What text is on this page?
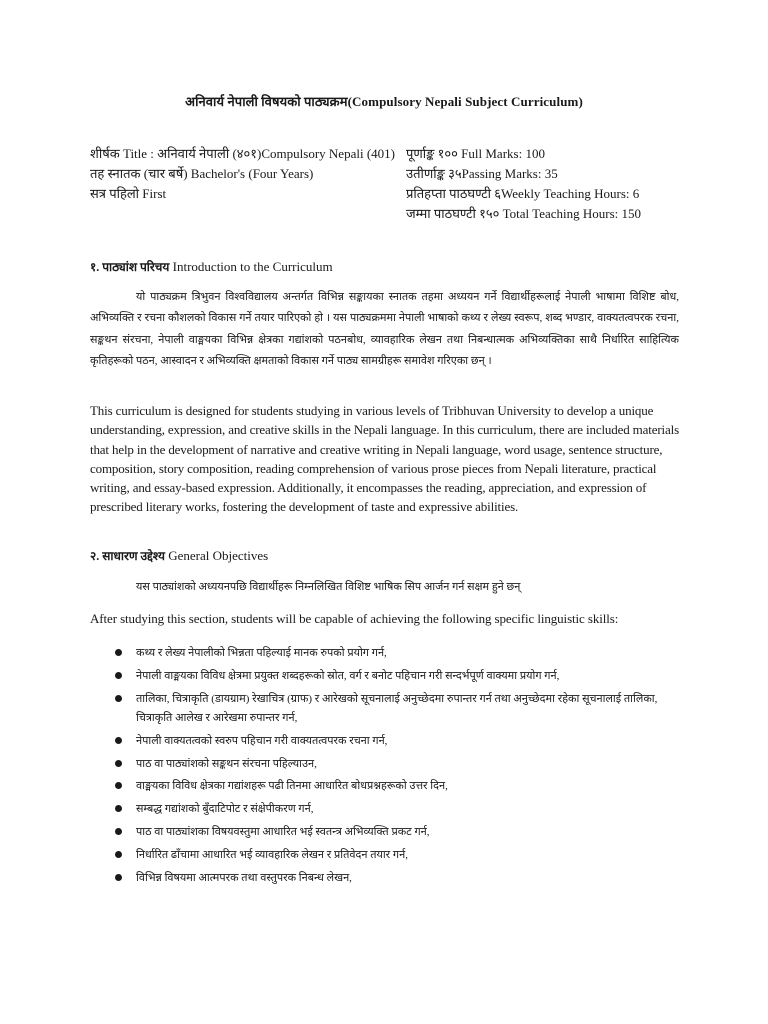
अनिवार्य नेपाली विषयको पाठ्यक्रम(Compulsory Nepali Subject Curriculum)
शीर्षक Title : अनिवार्य नेपाली (४०१)Compulsory Nepali (401)
तह स्नातक (चार बर्षे) Bachelor's (Four Years)
सत्र पहिलो First
पूर्णाङ्क १०० Full Marks: 100
उतीर्णाङ्क ३५Passing Marks: 35
प्रतिहप्ता पाठघण्टी ६Weekly Teaching Hours: 6
जम्मा पाठघण्टी १५० Total Teaching Hours: 150
१. पाठ्यांश परिचय Introduction to the Curriculum
यो पाठ्यक्रम त्रिभुवन विश्वविद्यालय अन्तर्गत विभिन्न सङ्कायका स्नातक तहमा अध्ययन गर्ने विद्यार्थीहरूलाई नेपाली भाषामा विशिष्ट बोध, अभिव्यक्ति र रचना कौशलको विकास गर्ने तयार पारिएको हो । यस पाठ्यक्रममा नेपाली भाषाको कथ्य र लेख्य स्वरूप, शब्द भण्डार, वाक्यतत्वपरक रचना, सङ्कथन संरचना, नेपाली वाङ्मयका विभिन्न क्षेत्रका गद्यांशको पठनबोध, व्यावहारिक लेखन तथा निबन्धात्मक अभिव्यक्तिका साथै निर्धारित साहित्यिक कृतिहरूको पठन, आस्वादन र अभिव्यक्ति क्षमताको विकास गर्ने पाठ्य सामग्रीहरू समावेश गरिएका छन् ।
This curriculum is designed for students studying in various levels of Tribhuvan University to develop a unique understanding, expression, and creative skills in the Nepali language. In this curriculum, there are included materials that help in the development of narrative and creative writing in Nepali language, word usage, sentence structure, composition, story composition, reading comprehension of various prose pieces from Nepali literature, practical writing, and essay-based expression. Additionally, it encompasses the reading, appreciation, and expression of prescribed literary works, fostering the development of taste and expressive abilities.
२. साधारण उद्देश्य General Objectives
यस पाठ्यांशको अध्ययनपछि विद्यार्थीहरू निम्नलिखित विशिष्ट भाषिक सिप आर्जन गर्न सक्षम हुने छन्
After studying this section, students will be capable of achieving the following specific linguistic skills:
कथ्य र लेख्य नेपालीको भिन्नता पहिल्याई मानक रुपको प्रयोग गर्न,
नेपाली वाङ्मयका विविध क्षेत्रमा प्रयुक्त शब्दहरूको स्रोत, वर्ग र बनोट पहिचान गरी सन्दर्भपूर्ण वाक्यमा प्रयोग गर्न,
तालिका, चित्राकृति (डायग्राम) रेखाचित्र (ग्राफ) र आरेखको सूचनालाई अनुच्छेदमा रुपान्तर गर्न तथा अनुच्छेदमा रहेका सूचनालाई तालिका, चित्राकृति आलेख र आरेखमा रुपान्तर गर्न,
नेपाली वाक्यतत्वको स्वरुप पहिचान गरी वाक्यतत्वपरक रचना गर्न,
पाठ वा पाठ्यांशको सङ्कथन संरचना पहिल्याउन,
वाङ्मयका विविध क्षेत्रका गद्यांशहरू पढी तिनमा आधारित बोधप्रश्नहरूको उत्तर दिन,
सम्बद्ध गद्यांशको बुँदाटिपोट र संक्षेपीकरण गर्न,
पाठ वा पाठ्यांशका विषयवस्तुमा आधारित भई स्वतन्त्र अभिव्यक्ति प्रकट गर्न,
निर्धारित ढाँचामा आधारित भई व्यावहारिक लेखन र प्रतिवेदन तयार गर्न,
विभिन्न विषयमा आत्मपरक तथा वस्तुपरक निबन्ध लेखन,
